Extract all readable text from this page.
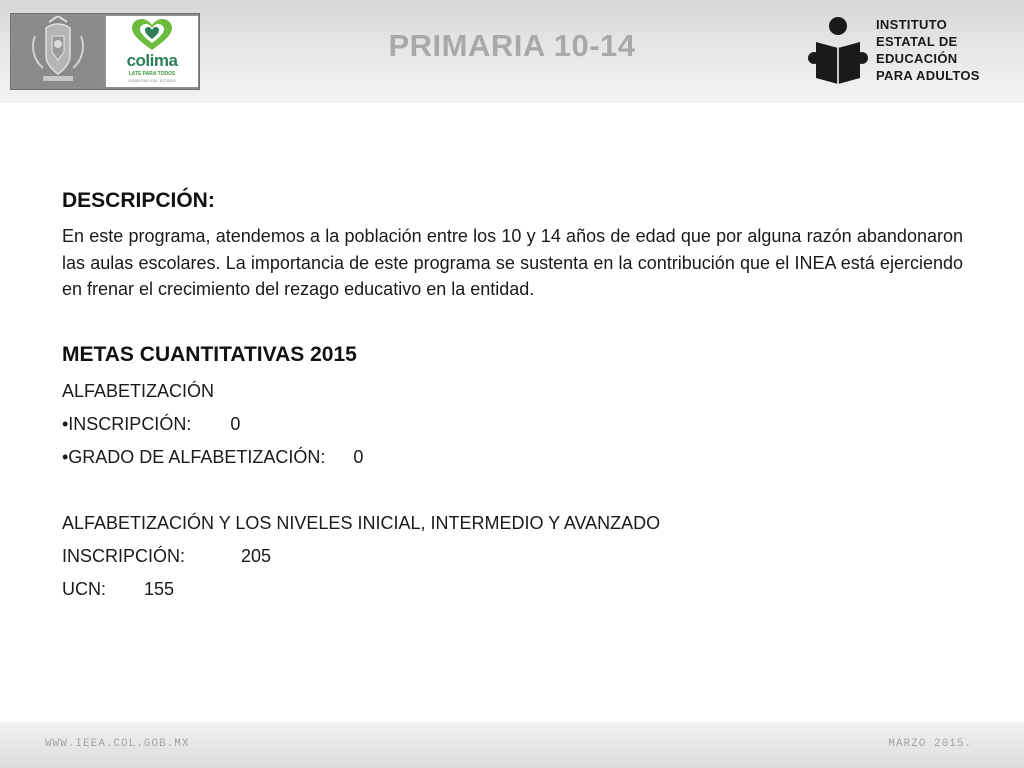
colima
LATE PARA TODOS
GOBIERNO DEL ESTADO
PRIMARIA 10-14
INSTITUTO
ESTATAL DE
EDUCACIÓN
PARA ADULTOS
DESCRIPCIÓN:

En este programa, atendemos a la población entre los 10 y 14 años de edad que por alguna razón abandonaron las aulas escolares. La importancia de este programa se sustenta en la contribución que el INEA está ejerciendo en frenar el crecimiento del rezago educativo en la entidad.

METAS CUANTITATIVAS 2015
ALFABETIZACIÓN
•INSCRIPCIÓN: 0
•GRADO DE ALFABETIZACIÓN: 0
ALFABETIZACIÓN Y LOS NIVELES INICIAL, INTERMEDIO Y AVANZADO
INSCRIPCIÓN:	205
UCN: 155
WWW.IEEA.COL.GOB.MX	MARZO 2015.
